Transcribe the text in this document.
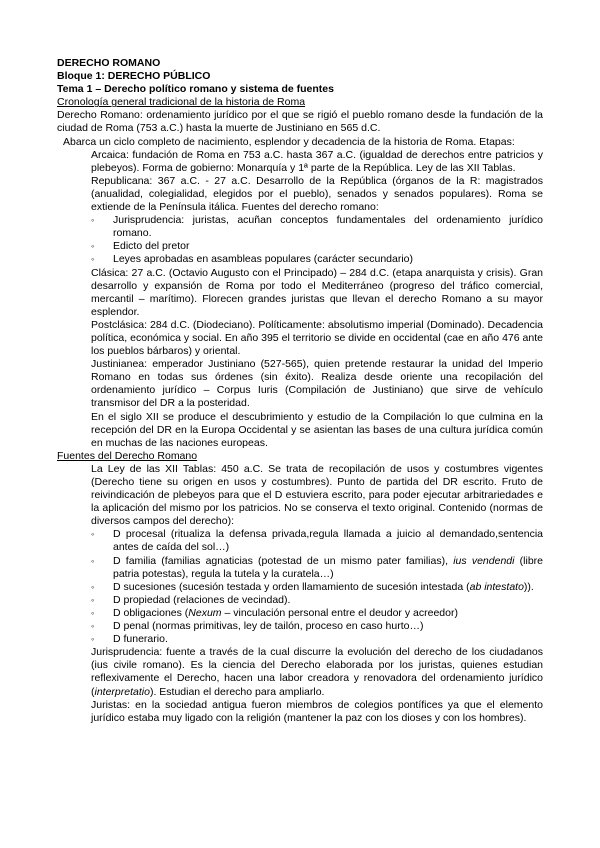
DERECHO ROMANO

Bloque 1: DERECHO PÚBLICO

Tema 1 – Derecho político romano y sistema de fuentes

Cronología general tradicional de la historia de Roma

Derecho Romano: ordenamiento jurídico por el que se rigió el pueblo romano desde la fundación de la ciudad de Roma (753 a.C.) hasta la muerte de Justiniano en 565 d.C.

Abarca un ciclo completo de nacimiento, esplendor y decadencia de la historia de Roma. Etapas:

Arcaica: fundación de Roma en 753 a.C. hasta 367 a.C. (igualdad de derechos entre patricios y plebeyos). Forma de gobierno: Monarquía y 1ª parte de la República. Ley de las XII Tablas.

Republicana: 367 a.C. - 27 a.C. Desarrollo de la República (órganos de la R: magistrados (anualidad, colegialidad, elegidos por el pueblo), senados y senados populares). Roma se extiende de la Península itálica. Fuentes del derecho romano:

◦ Jurisprudencia: juristas, acuñan conceptos fundamentales del ordenamiento jurídico romano.
◦ Edicto del pretor
◦ Leyes aprobadas en asambleas populares (carácter secundario)

Clásica: 27 a.C. (Octavio Augusto con el Principado) – 284 d.C. (etapa anarquista y crisis). Gran desarrollo y expansión de Roma por todo el Mediterráneo (progreso del tráfico comercial, mercantil – marítimo). Florecen grandes juristas que llevan el derecho Romano a su mayor esplendor.

Postclásica: 284 d.C. (Diodeciano). Políticamente: absolutismo imperial (Dominado). Decadencia política, económica y social. En año 395 el territorio se divide en occidental (cae en año 476 ante los pueblos bárbaros) y oriental.

Justinianea: emperador Justiniano (527-565), quien pretende restaurar la unidad del Imperio Romano en todas sus órdenes (sin éxito). Realiza desde oriente una recopilación del ordenamiento jurídico – Corpus Iuris (Compilación de Justiniano) que sirve de vehículo transmisor del DR a la posteridad.

En el siglo XII se produce el descubrimiento y estudio de la Compilación lo que culmina en la recepción del DR en la Europa Occidental y se asientan las bases de una cultura jurídica común en muchas de las naciones europeas.

Fuentes del Derecho Romano

La Ley de las XII Tablas: 450 a.C. Se trata de recopilación de usos y costumbres vigentes (Derecho tiene su origen en usos y costumbres). Punto de partida del DR escrito. Fruto de reivindicación de plebeyos para que el D estuviera escrito, para poder ejecutar arbitrariedades e la aplicación del mismo por los patricios. No se conserva el texto original. Contenido (normas de diversos campos del derecho):

◦ D procesal (ritualiza la defensa privada,regula llamada a juicio al demandado,sentencia antes de caída del sol…)
◦ D familia (familias agnaticias (potestad de un mismo pater familias), ius vendendi (libre patria potestas), regula la tutela y la curatela…)
◦ D sucesiones (sucesión testada y orden llamamiento de sucesión intestada (ab intestato)).
◦ D propiedad (relaciones de vecindad).
◦ D obligaciones (Nexum – vinculación personal entre el deudor y acreedor)
◦ D penal (normas primitivas, ley de tailón, proceso en caso hurto…)
◦ D funerario.

Jurisprudencia: fuente a través de la cual discurre la evolución del derecho de los ciudadanos (ius civile romano). Es la ciencia del Derecho elaborada por los juristas, quienes estudian reflexivamente el Derecho, hacen una labor creadora y renovadora del ordenamiento jurídico (interpretatio). Estudian el derecho para ampliarlo.

Juristas: en la sociedad antigua fueron miembros de colegios pontífices ya que el elemento jurídico estaba muy ligado con la religión (mantener la paz con los dioses y con los hombres).
